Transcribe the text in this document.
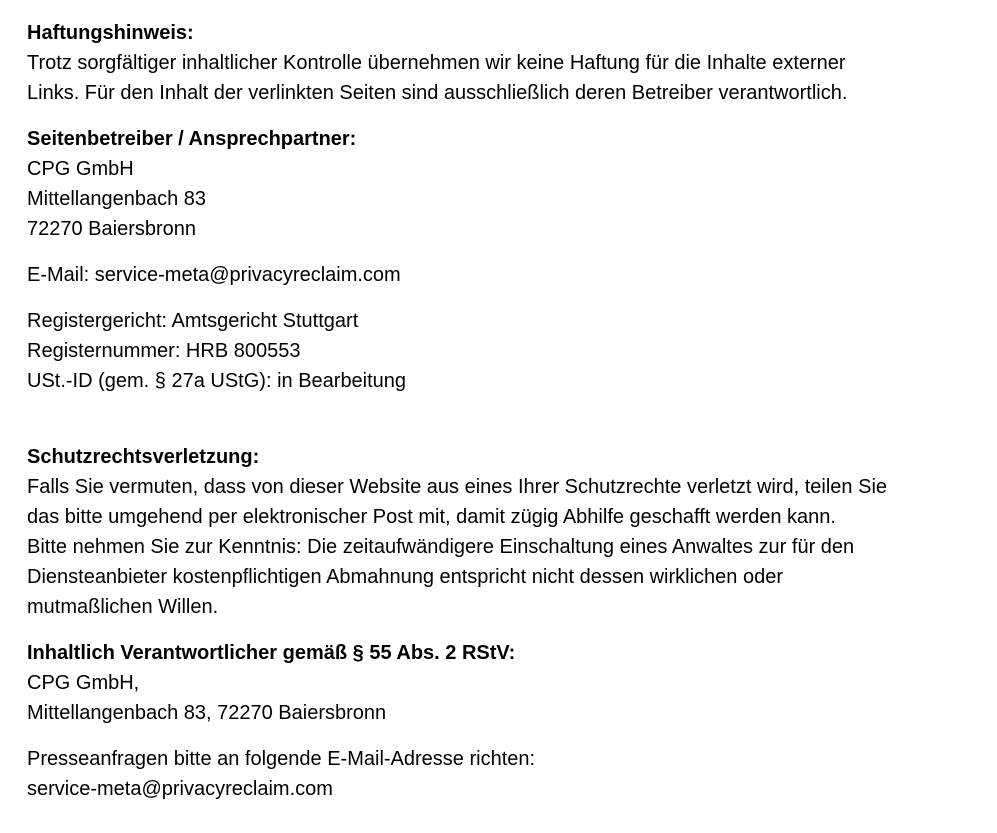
Haftungshinweis:
Trotz sorgfältiger inhaltlicher Kontrolle übernehmen wir keine Haftung für die Inhalte externer
Links. Für den Inhalt der verlinkten Seiten sind ausschließlich deren Betreiber verantwortlich.
Seitenbetreiber / Ansprechpartner:
CPG GmbH
Mittellangenbach 83
72270 Baiersbronn
E-Mail: service-meta@privacyreclaim.com
Registergericht: Amtsgericht Stuttgart
Registernummer: HRB 800553
USt.-ID (gem. § 27a UStG): in Bearbeitung
Schutzrechtsverletzung:
Falls Sie vermuten, dass von dieser Website aus eines Ihrer Schutzrechte verletzt wird, teilen Sie
das bitte umgehend per elektronischer Post mit, damit zügig Abhilfe geschafft werden kann.
Bitte nehmen Sie zur Kenntnis: Die zeitaufwändigere Einschaltung eines Anwaltes zur für den
Diensteanbieter kostenpflichtigen Abmahnung entspricht nicht dessen wirklichen oder
mutmaßlichen Willen.
Inhaltlich Verantwortlicher gemäß § 55 Abs. 2 RStV:
CPG GmbH,
Mittellangenbach 83, 72270 Baiersbronn
Presseanfragen bitte an folgende E-Mail-Adresse richten:
service-meta@privacyreclaim.com
